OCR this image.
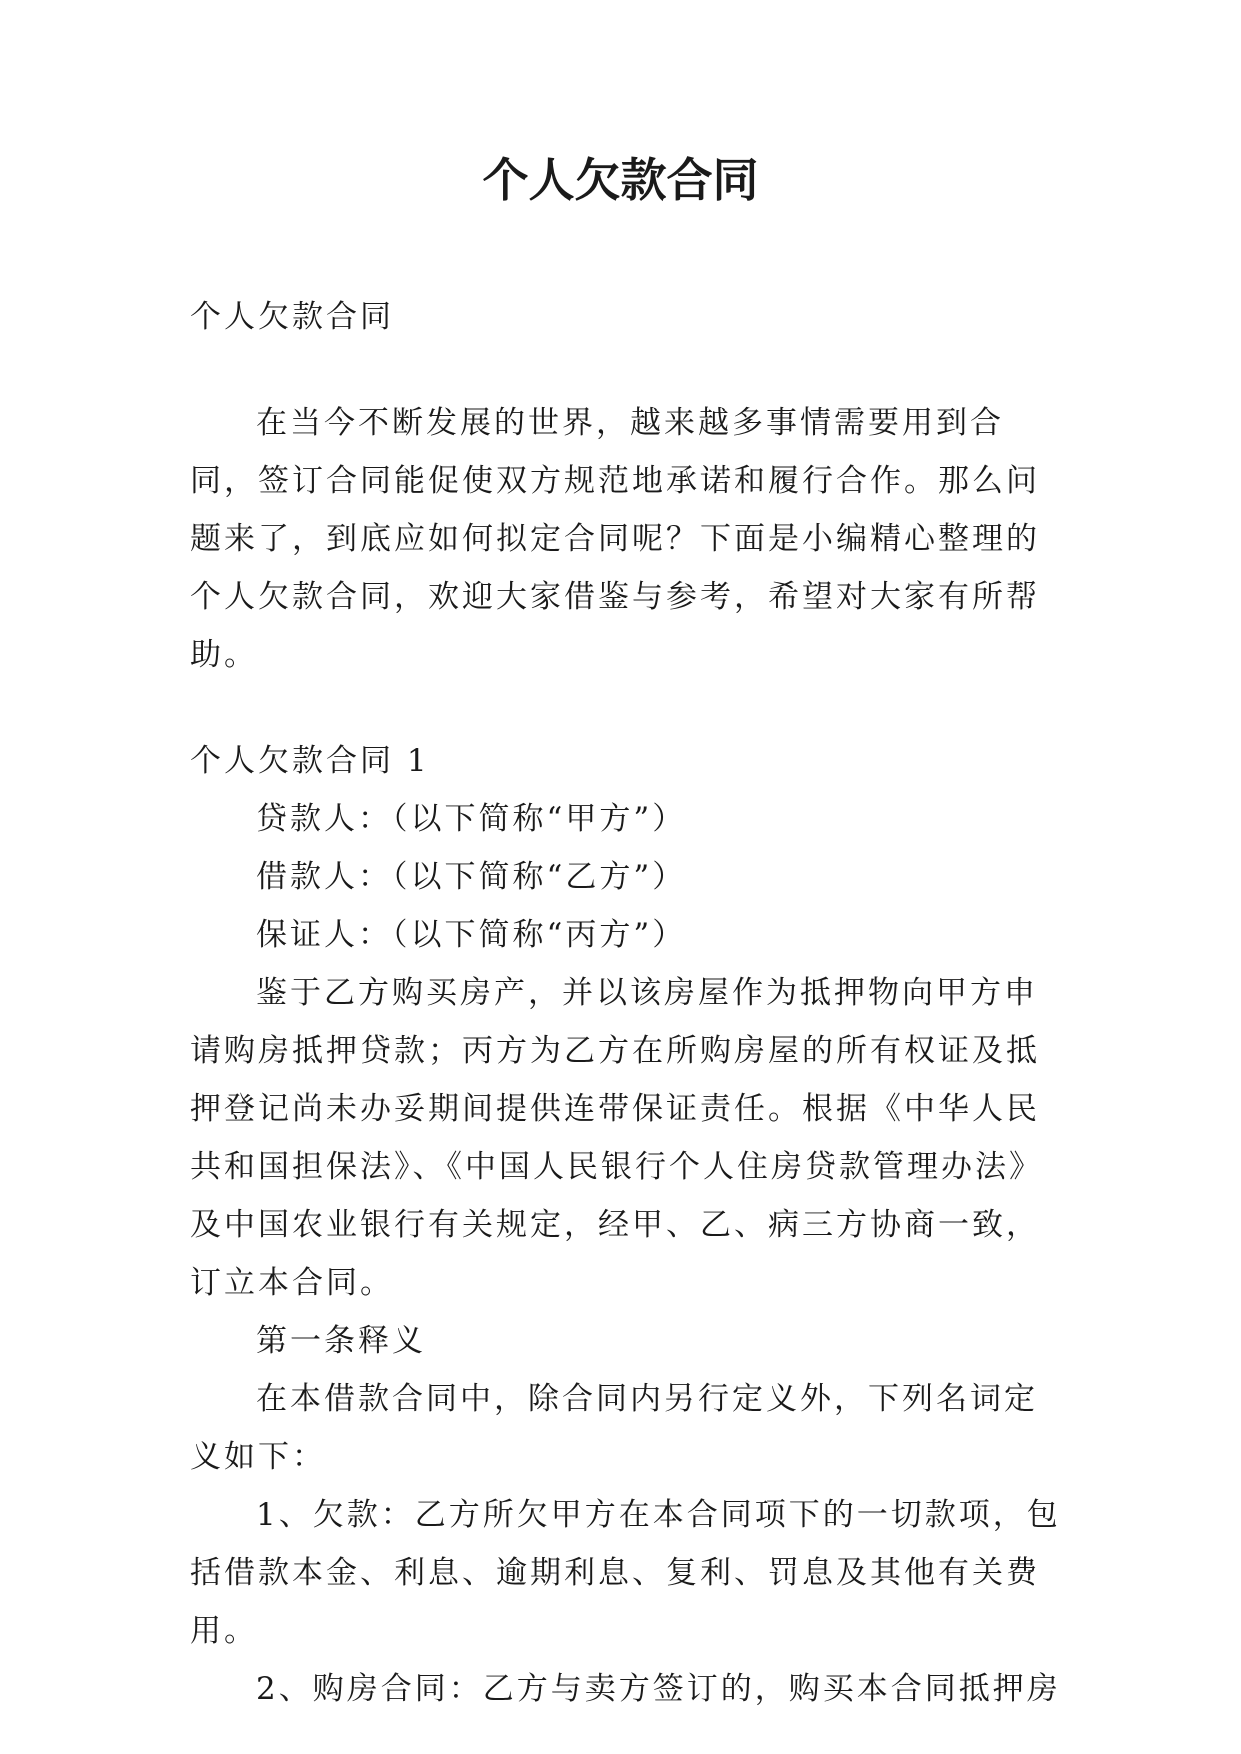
个人欠款合同

个人欠款合同

在当今不断发展的世界，越来越多事情需要用到合同，签订合同能促使双方规范地承诺和履行合作。那么问题来了，到底应如何拟定合同呢？下面是小编精心整理的个人欠款合同，欢迎大家借鉴与参考，希望对大家有所帮助。

个人欠款合同 1

贷款人：（以下简称“甲方”）

借款人：（以下简称“乙方”）

保证人：（以下简称“丙方”）

鉴于乙方购买房产，并以该房屋作为抵押物向甲方申请购房抵押贷款；丙方为乙方在所购房屋的所有权证及抵押登记尚未办妥期间提供连带保证责任。根据《中华人民共和国担保法》、《中国人民银行个人住房贷款管理办法》及中国农业银行有关规定，经甲、乙、病三方协商一致，订立本合同。

第一条释义

在本借款合同中，除合同内另行定义外，下列名词定义如下：

1、欠款：乙方所欠甲方在本合同项下的一切款项，包括借款本金、利息、逾期利息、复利、罚息及其他有关费用。

2、购房合同：乙方与卖方签订的，购买本合同抵押房
